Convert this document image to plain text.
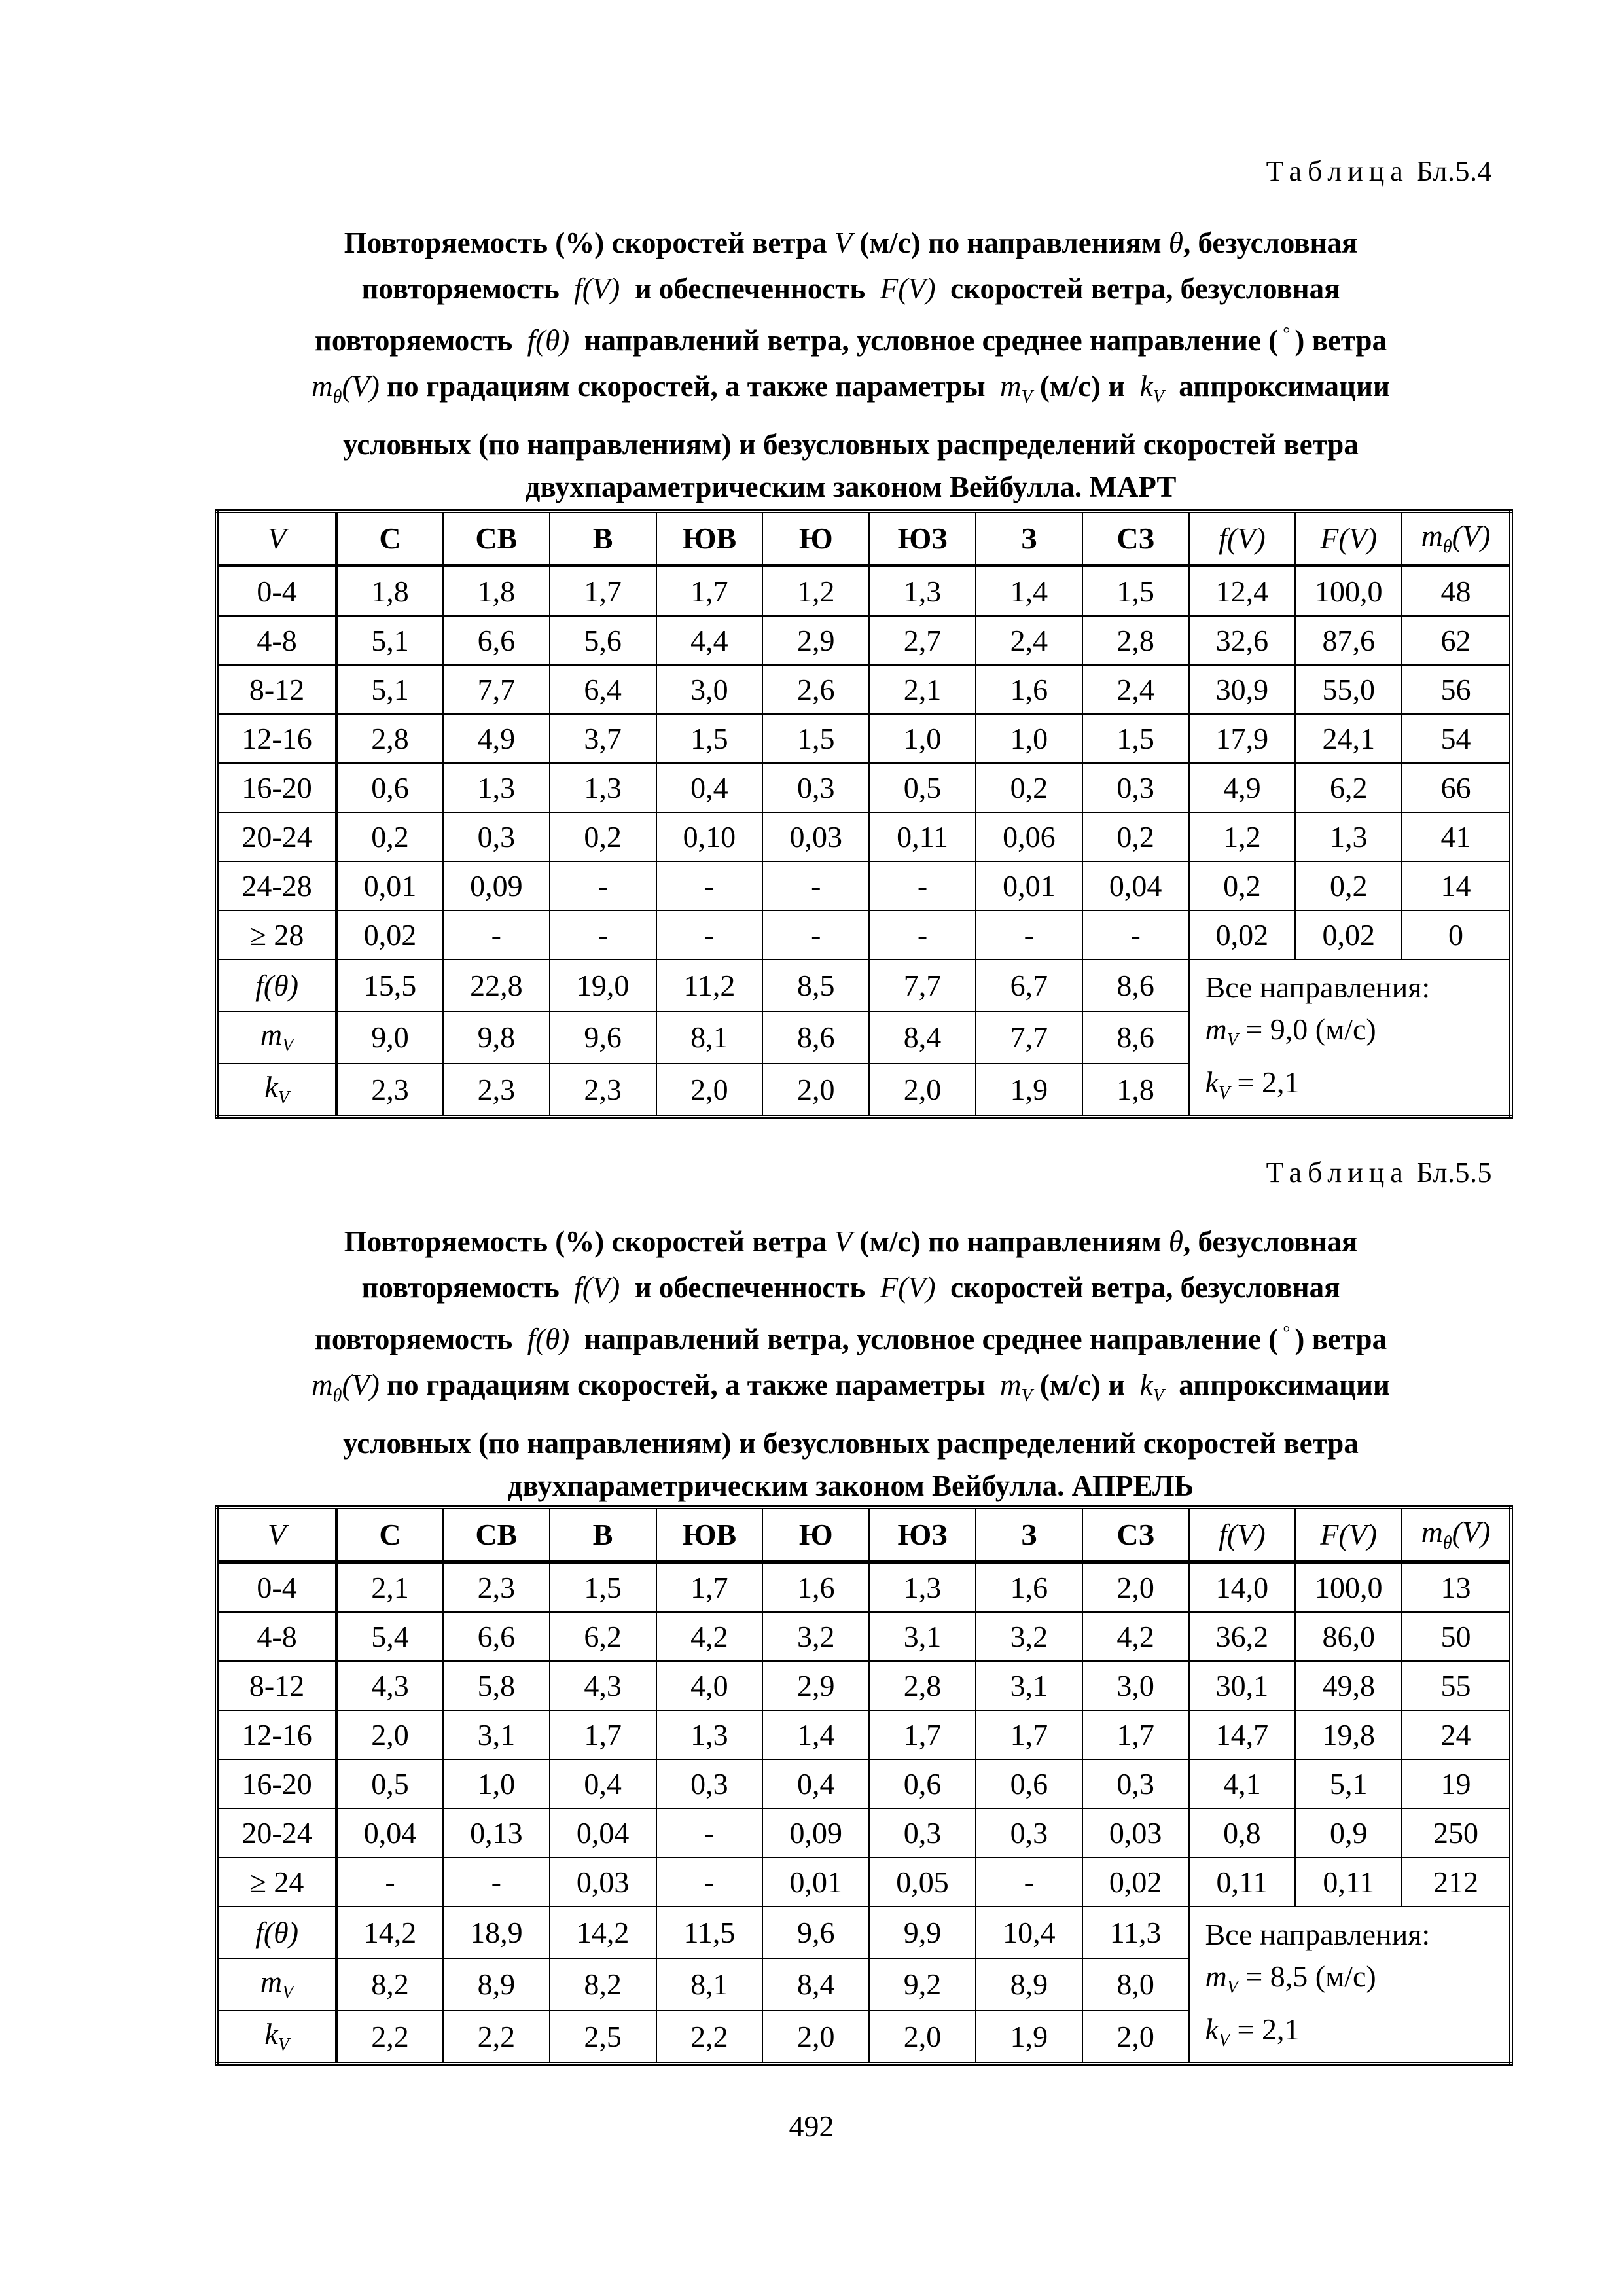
Таблица Бл.5.4

Повторяемость (%) скоростей ветра V (м/с) по направлениям θ, безусловная

повторяемость  f(V)  и обеспеченность  F(V)  скоростей ветра, безусловная

повторяемость  f(θ)  направлений ветра, условное среднее направление ( ° ) ветра

$m_\theta(V)$ по градациям скоростей, а также параметры  $m_V$ (м/с) и  $k_V$ аппроксимации

условных (по направлениям) и безусловных распределений скоростей ветра

двухпараметрическим законом Вейбулла. МАРТ

V	С	СВ	В	ЮВ	Ю	ЮЗ	З	СЗ	f(V)	F(V)	$m_\theta(V)$
0-4	1,8	1,8	1,7	1,7	1,2	1,3	1,4	1,5	12,4	100,0	48
4-8	5,1	6,6	5,6	4,4	2,9	2,7	2,4	2,8	32,6	87,6	62
8-12	5,1	7,7	6,4	3,0	2,6	2,1	1,6	2,4	30,9	55,0	56
12-16	2,8	4,9	3,7	1,5	1,5	1,0	1,0	1,5	17,9	24,1	54
16-20	0,6	1,3	1,3	0,4	0,3	0,5	0,2	0,3	4,9	6,2	66
20-24	0,2	0,3	0,2	0,10	0,03	0,11	0,06	0,2	1,2	1,3	41
24-28	0,01	0,09	-	-	-	-	0,01	0,04	0,2	0,2	14
≥ 28	0,02	-	-	-	-	-	-	-	0,02	0,02	0
f(θ)	15,5	22,8	19,0	11,2	8,5	7,7	6,7	8,6	Все направления:
$m_V = 9,0$ (м/с)
$k_V = 2,1$		

$m_V$	9,0	9,8	9,6	8,1	8,6	8,4	7,7	8,6			
$k_V$	2,3	2,3	2,3	2,0	2,0	2,0	1,9	1,8			
Таблица Бл.5.5

Повторяемость (%) скоростей ветра V (м/с) по направлениям θ, безусловная

повторяемость  f(V)  и обеспеченность  F(V)  скоростей ветра, безусловная

повторяемость  f(θ)  направлений ветра, условное среднее направление ( ° ) ветра

$m_\theta(V)$ по градациям скоростей, а также параметры  $m_V$ (м/с) и  $k_V$ аппроксимации

условных (по направлениям) и безусловных распределений скоростей ветра

двухпараметрическим законом Вейбулла. АПРЕЛЬ

V	С	СВ	В	ЮВ	Ю	ЮЗ	З	СЗ	f(V)	F(V)	$m_\theta(V)$
0-4	2,1	2,3	1,5	1,7	1,6	1,3	1,6	2,0	14,0	100,0	13
4-8	5,4	6,6	6,2	4,2	3,2	3,1	3,2	4,2	36,2	86,0	50
8-12	4,3	5,8	4,3	4,0	2,9	2,8	3,1	3,0	30,1	49,8	55
12-16	2,0	3,1	1,7	1,3	1,4	1,7	1,7	1,7	14,7	19,8	24
16-20	0,5	1,0	0,4	0,3	0,4	0,6	0,6	0,3	4,1	5,1	19
20-24	0,04	0,13	0,04	-	0,09	0,3	0,3	0,03	0,8	0,9	250
≥ 24	-	-	0,03	-	0,01	0,05	-	0,02	0,11	0,11	212
f(θ)	14,2	18,9	14,2	11,5	9,6	9,9	10,4	11,3	Все направления:
$m_V = 8,5$ (м/с)
$k_V = 2,1$		

$m_V$	8,2	8,9	8,2	8,1	8,4	9,2	8,9	8,0			
$k_V$	2,2	2,2	2,5	2,2	2,0	2,0	1,9	2,0			
492
